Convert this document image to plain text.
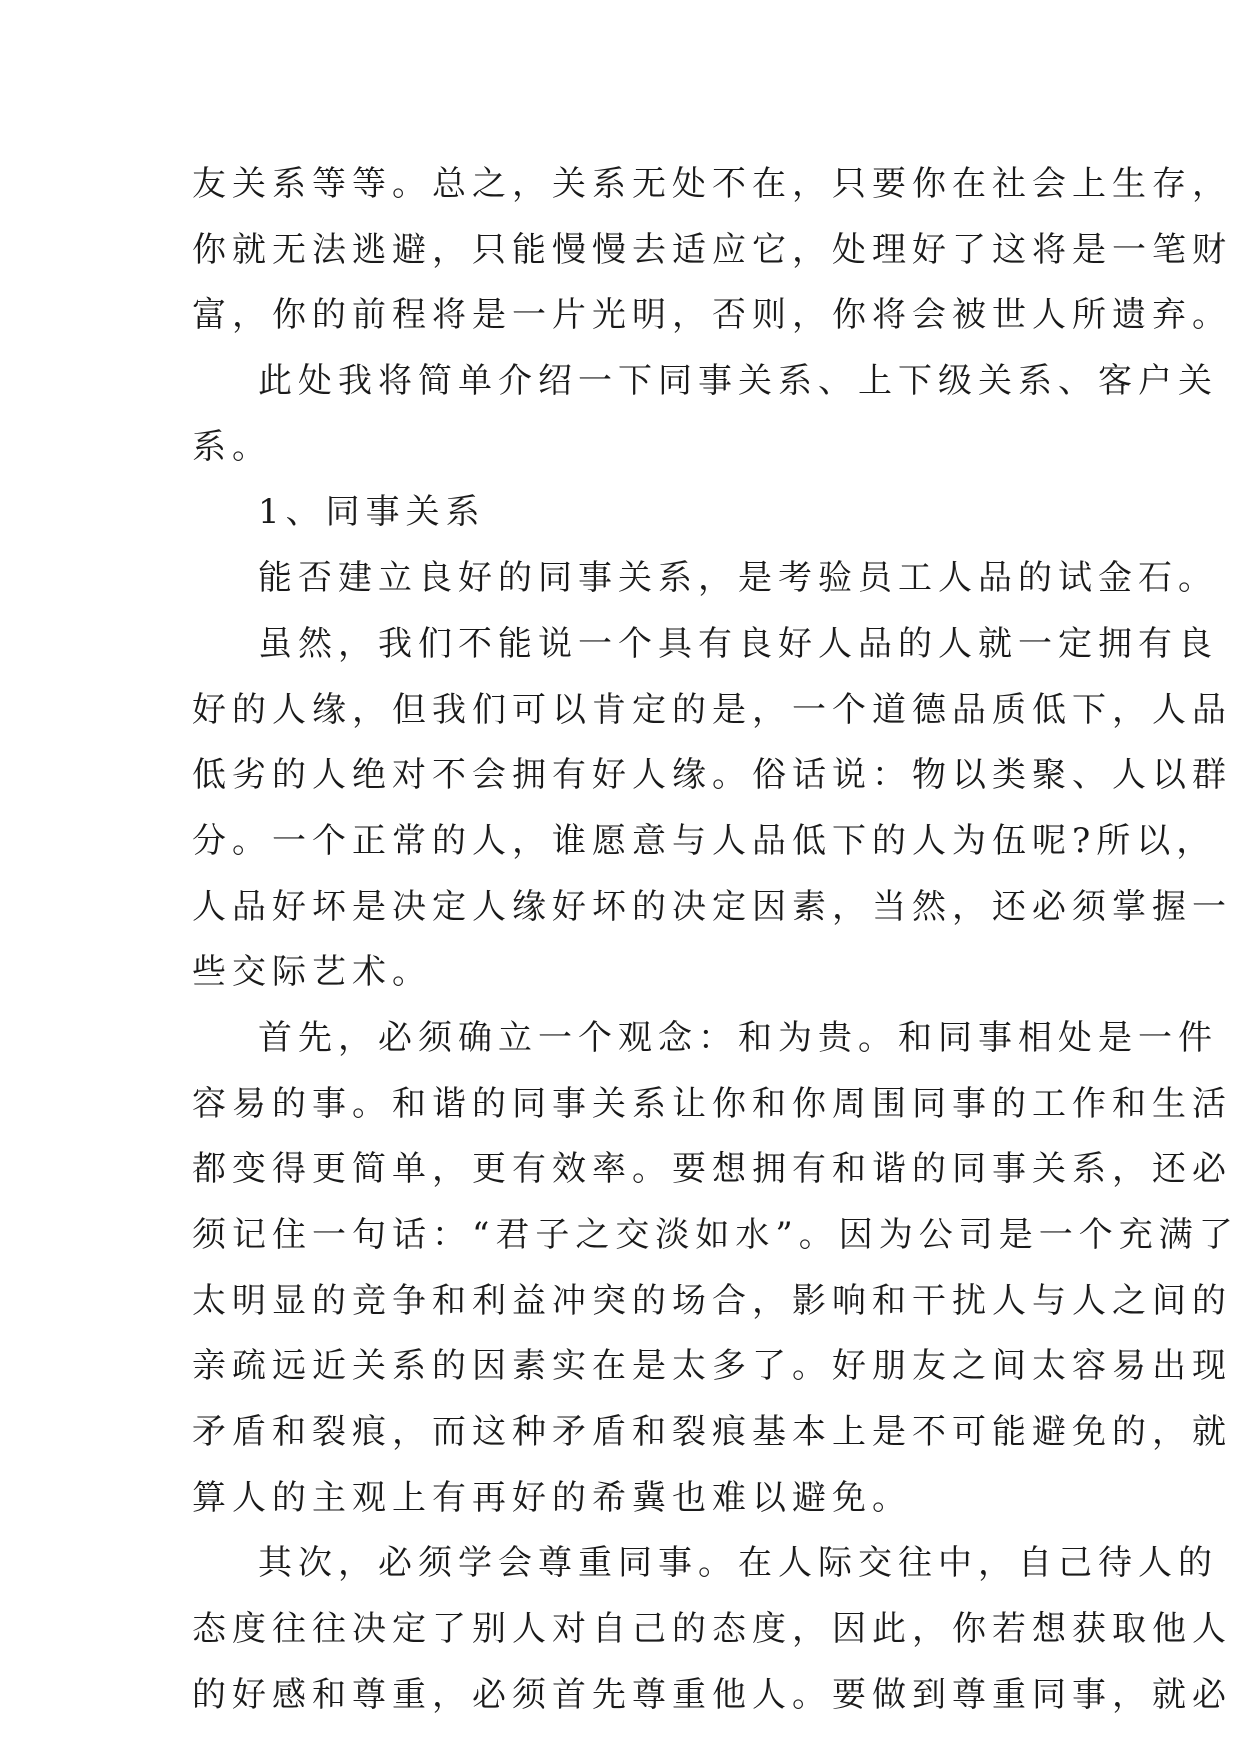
友关系等等。总之，关系无处不在，只要你在社会上生存，
你就无法逃避，只能慢慢去适应它，处理好了这将是一笔财
富，你的前程将是一片光明，否则，你将会被世人所遗弃。
此处我将简单介绍一下同事关系、上下级关系、客户关
系。
1、同事关系
能否建立良好的同事关系，是考验员工人品的试金石。
虽然，我们不能说一个具有良好人品的人就一定拥有良
好的人缘，但我们可以肯定的是，一个道德品质低下，人品
低劣的人绝对不会拥有好人缘。俗话说：物以类聚、人以群
分。一个正常的人，谁愿意与人品低下的人为伍呢?所以，
人品好坏是决定人缘好坏的决定因素，当然，还必须掌握一
些交际艺术。
首先，必须确立一个观念：和为贵。和同事相处是一件
容易的事。和谐的同事关系让你和你周围同事的工作和生活
都变得更简单，更有效率。要想拥有和谐的同事关系，还必
须记住一句话：“君子之交淡如水”。因为公司是一个充满了
太明显的竞争和利益冲突的场合，影响和干扰人与人之间的
亲疏远近关系的因素实在是太多了。好朋友之间太容易出现
矛盾和裂痕，而这种矛盾和裂痕基本上是不可能避免的，就
算人的主观上有再好的希冀也难以避免。
其次，必须学会尊重同事。在人际交往中，自己待人的
态度往往决定了别人对自己的态度，因此，你若想获取他人
的好感和尊重，必须首先尊重他人。要做到尊重同事，就必
